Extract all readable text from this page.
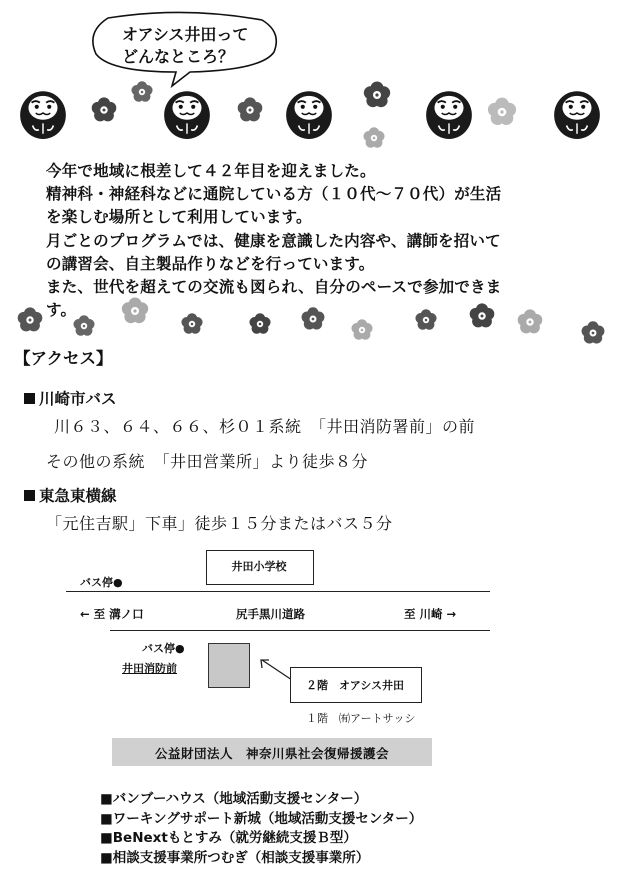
オアシス井田って
どんなところ？
今年で地域に根差して４２年目を迎えました。
精神科・神経科などに通院している方（１０代～７０代）が生活
を楽しむ場所として利用しています。
月ごとのプログラムでは、健康を意識した内容や、講師を招いて
の講習会、自主製品作りなどを行っています。
また、世代を超えての交流も図られ、自分のペースで参加できま
す。
【アクセス】
川崎市バス
川６３、６４、６６、杉０１系統　「井田消防署前」の前
その他の系統　「井田営業所」より徒歩８分
東急東横線
「元住吉駅」下車」徒歩１５分またはバス５分
井田小学校
バス停●
← 至 溝ノ口	尻手黒川道路	至 川崎 →
バス停●
井田消防前
２階　オアシス井田
１階　㈲アートサッシ
公益財団法人　神奈川県社会復帰援護会
■バンブーハウス（地域活動支援センター）
■ワーキングサポート新城（地域活動支援センター）
■BeNextもとすみ（就労継続支援Ｂ型）
■相談支援事業所つむぎ（相談支援事業所）
